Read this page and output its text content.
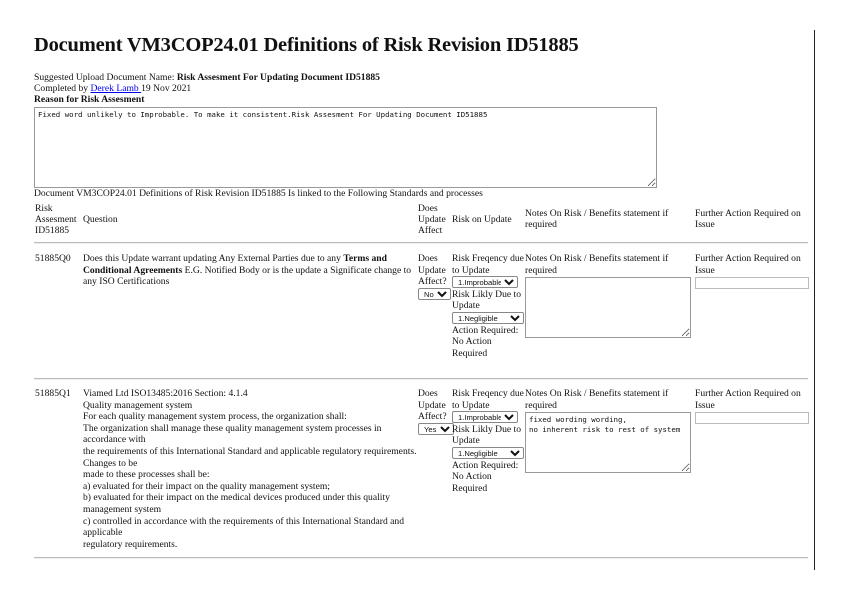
Document VM3COP24.01 Definitions of Risk Revision ID51885
Suggested Upload Document Name: Risk Assesment For Updating Document ID51885
Completed by Derek Lamb 19 Nov 2021
Reason for Risk Assesment
Fixed word unlikely to Improbable. To make it consistent.Risk Assesment For Updating Document ID51885
Document VM3COP24.01 Definitions of Risk Revision ID51885 Is linked to the Following Standards and processes
Risk Assesment ID51885
Question
Does Update Affect
Risk on Update
Notes On Risk / Benefits statement if required
Further Action Required on Issue
51885Q0 Does this Update warrant updating Any External Parties due to any Terms and Conditional Agreements E.G. Notified Body or is the update a Significate change to any ISO Certifications
Does Update Affect?
No
Risk Freqency due to Update
1.Improbable
Risk Likly Due to Update
1.Negligible
Action Required:
No Action Required
Notes On Risk / Benefits statement if required
Further Action Required on Issue
51885Q1 Viamed Ltd ISO13485:2016 Section: 4.1.4
Quality management system
For each quality management system process, the organization shall:
The organization shall manage these quality management system processes in accordance with
the requirements of this International Standard and applicable regulatory requirements. Changes to be
made to these processes shall be:
a) evaluated for their impact on the quality management system;
b) evaluated for their impact on the medical devices produced under this quality management system
c) controlled in accordance with the requirements of this International Standard and applicable
regulatory requirements.
Does Update Affect?
Yes
Risk Freqency due to Update
1.Improbable
Risk Likly Due to Update
1.Negligible
Action Required:
No Action Required
Notes On Risk / Benefits statement if required
fixed wording wording, no inherent risk to rest of system
Further Action Required on Issue
